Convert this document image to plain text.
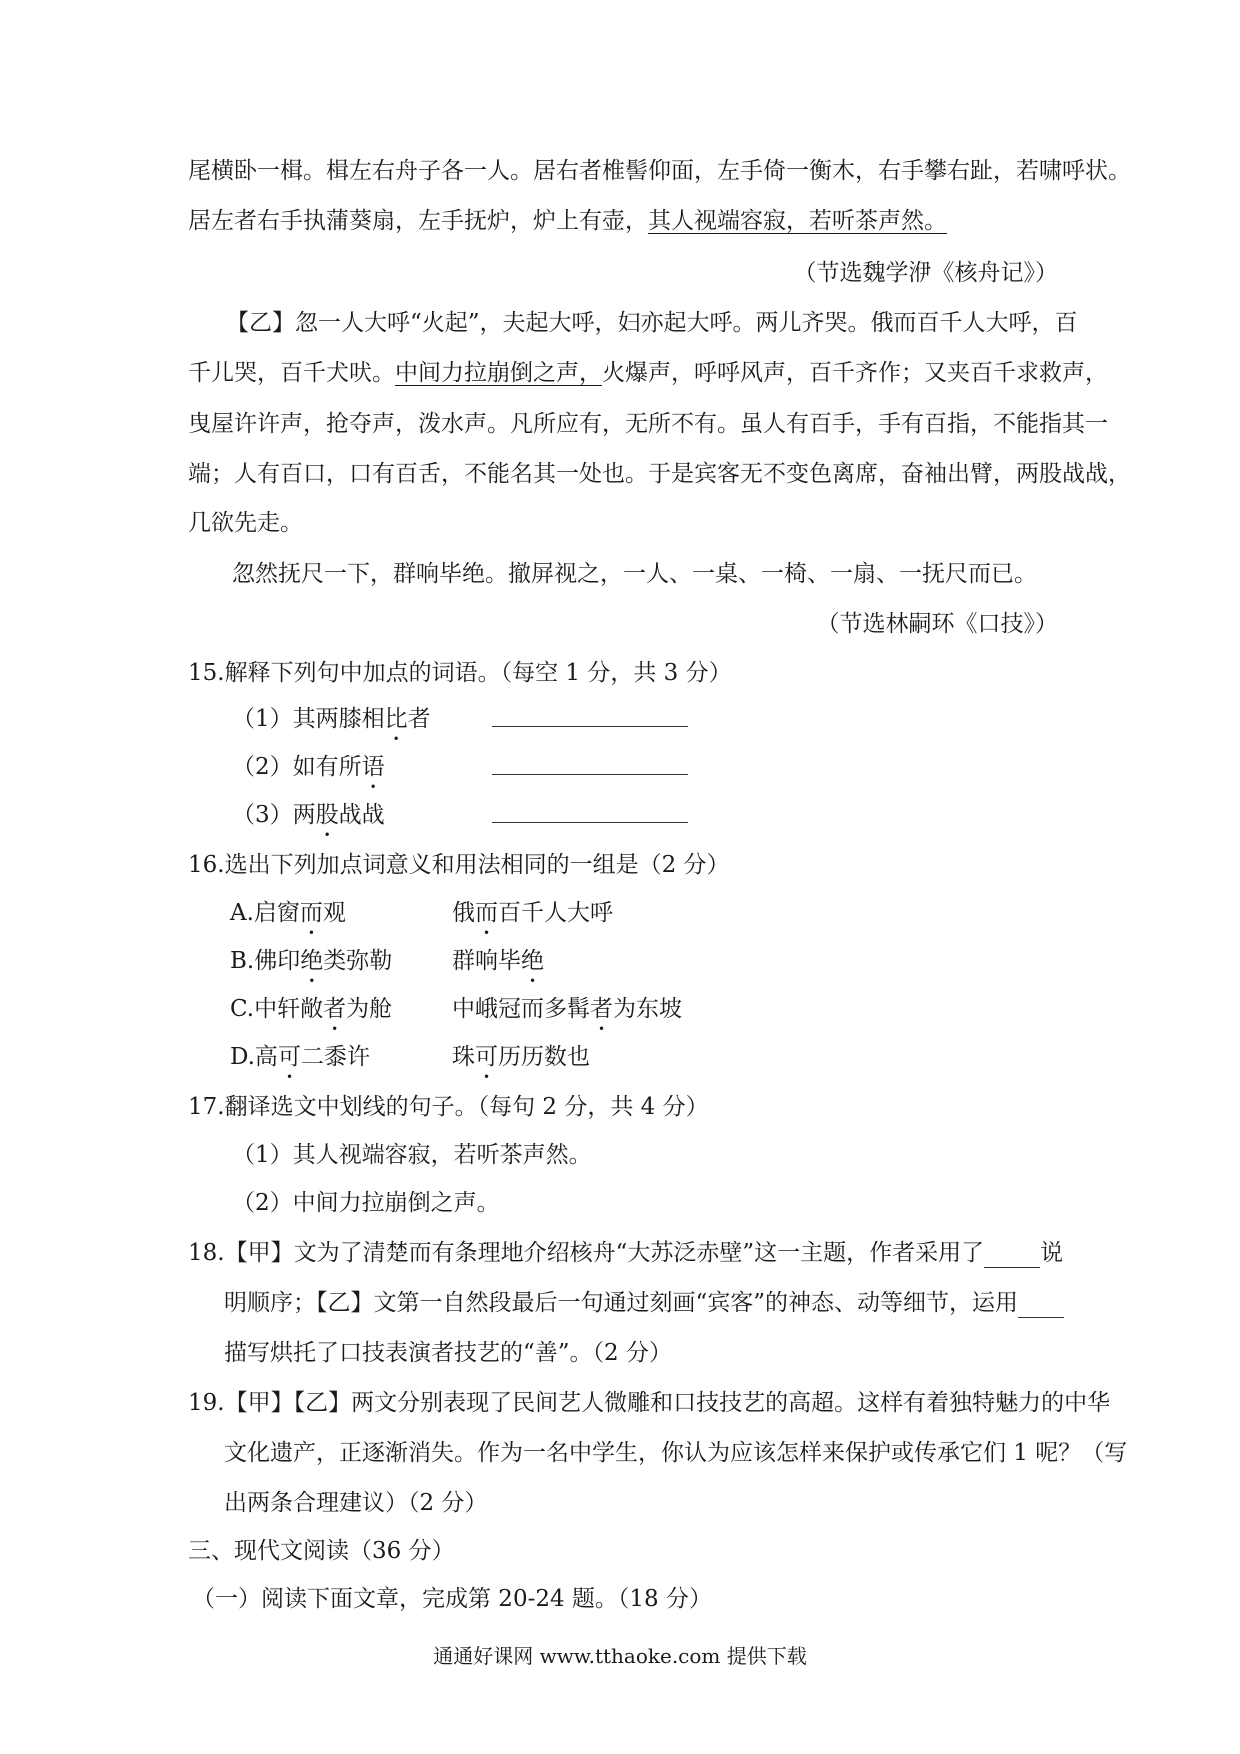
尾横卧一楫。楫左右舟子各一人。居右者椎髻仰面，左手倚一衡木，右手攀右趾，若啸呼状。
居左者右手执蒲葵扇，左手抚炉，炉上有壶，其人视端容寂，若听茶声然。
（节选魏学洢《核舟记》）
【乙】忽一人大呼“火起”，夫起大呼，妇亦起大呼。两儿齐哭。俄而百千人大呼，百
千儿哭，百千犬吠。中间力拉崩倒之声，火爆声，呼呼风声，百千齐作；又夹百千求救声，
曳屋许许声，抢夺声，泼水声。凡所应有，无所不有。虽人有百手，手有百指，不能指其一
端；人有百口，口有百舌，不能名其一处也。于是宾客无不变色离席，奋袖出臂，两股战战，
几欲先走。
忽然抚尺一下，群响毕绝。撤屏视之，一人、一桌、一椅、一扇、一抚尺而已。
（节选林嗣环《口技》）
15.解释下列句中加点的词语。（每空 1 分，共 3 分）
（1）其两膝相比者
（2）如有所语
（3）两股战战
16.选出下列加点词意义和用法相同的一组是（2 分）
A.启窗而观	俄而百千人大呼
B.佛印绝类弥勒	群响毕绝
C.中轩敞者为舱	中峨冠而多髯者为东坡
D.高可二黍许	珠可历历数也
17.翻译选文中划线的句子。（每句 2 分，共 4 分）
（1）其人视端容寂，若听茶声然。
（2）中间力拉崩倒之声。
18.【甲】文为了清楚而有条理地介绍核舟“大苏泛赤壁”这一主题，作者采用了 说
明顺序；【乙】文第一自然段最后一句通过刻画“宾客”的神态、动等细节，运用
描写烘托了口技表演者技艺的“善”。（2 分）
19.【甲】【乙】两文分别表现了民间艺人微雕和口技技艺的高超。这样有着独特魅力的中华
文化遗产，正逐渐消失。作为一名中学生，你认为应该怎样来保护或传承它们 1 呢？（写
出两条合理建议）（2 分）
三、现代文阅读（36 分）
（一）阅读下面文章，完成第 20-24 题。（18 分）
通通好课网 www.tthaoke.com 提供下载
